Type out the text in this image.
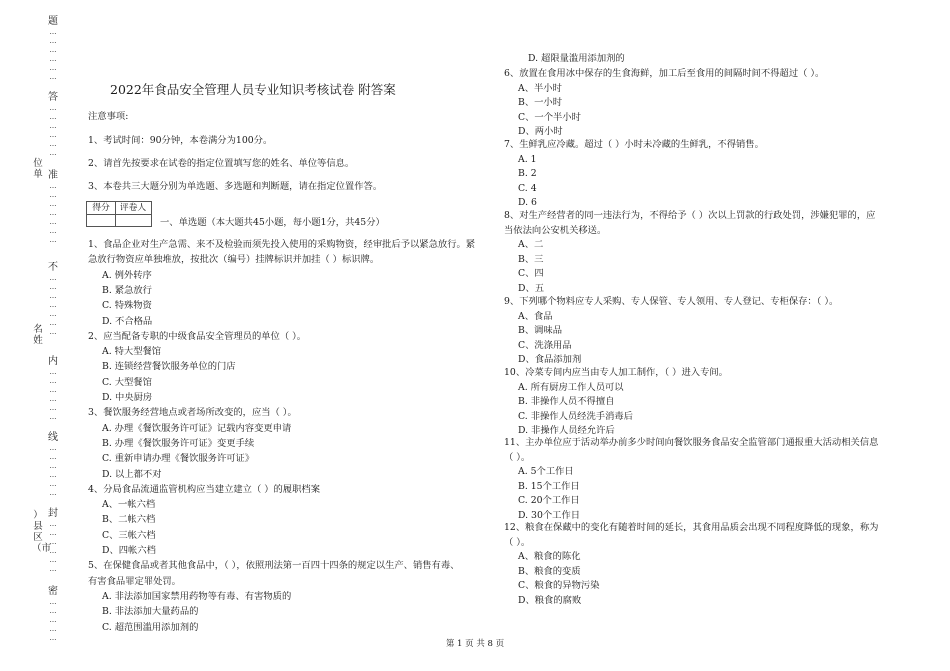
题
…
…
…
…
…
…
答
…
…
…
…
…
…
准
…
…
…
…
…
…
…
不
…
…
…
…
…
…
…
内
…
…
…
…
…
…
线
…
…
…
…
…
…
封
…
…
…
…
…
…
密
…
…
…
…
…
位单
名姓
）县区（市
2022年食品安全管理人员专业知识考核试卷 附答案
注意事项:
1、考试时间：90分钟，本卷满分为100分。
2、请首先按要求在试卷的指定位置填写您的姓名、单位等信息。
3、本卷共三大题分别为单选题、多选题和判断题，请在指定位置作答。
得分	评卷人
一、单选题（本大题共45小题，每小题1分，共45分）
1、食品企业对生产急需、来不及检验而须先投入使用的采购物资，经审批后予以紧急放行。紧
急放行物资应单独堆放，按批次（编号）挂牌标识并加挂（ ）标识牌。
A. 例外转序
B. 紧急放行
C. 特殊物资
D. 不合格品
2、应当配备专职的中级食品安全管理员的单位（ ）。
A. 特大型餐馆
B. 连锁经营餐饮服务单位的门店
C. 大型餐馆
D. 中央厨房
3、餐饮服务经营地点或者场所改变的，应当（ ）。
A. 办理《餐饮服务许可证》记载内容变更申请
B. 办理《餐饮服务许可证》变更手续
C. 重新申请办理《餐饮服务许可证》
D. 以上都不对
4、分局食品流通监管机构应当建立建立（ ）的履职档案
A、一帐六档
B、二帐六档
C、三帐六档
D、四帐六档
5、在保健食品或者其他食品中，（ ），依照刑法第一百四十四条的规定以生产、销售有毒、
有害食品罪定罪处罚。
A. 非法添加国家禁用药物等有毒、有害物质的
B. 非法添加大量药品的
C. 超范围滥用添加剂的
D. 超限量滥用添加剂的
6、放置在食用冰中保存的生食海鲜，加工后至食用的间隔时间不得超过（ ）。
A、半小时
B、一小时
C、一个半小时
D、两小时
7、生鲜乳应冷藏。超过（ ）小时未冷藏的生鲜乳，不得销售。
A. 1
B. 2
C. 4
D. 6
8、对生产经营者的同一违法行为，不得给予（ ）次以上罚款的行政处罚，涉嫌犯罪的，应
当依法向公安机关移送。
A、二
B、三
C、四
D、五
9、下列哪个物料应专人采购、专人保管、专人领用、专人登记、专柜保存：（ ）。
A、食品
B、调味品
C、洗涤用品
D、食品添加剂
10、冷菜专间内应当由专人加工制作，（ ）进入专间。
A. 所有厨房工作人员可以
B. 非操作人员不得擅自
C. 非操作人员经洗手消毒后
D. 非操作人员经允许后
11、主办单位应于活动举办前多少时间向餐饮服务食品安全监管部门通报重大活动相关信息
（ ）。
A. 5个工作日
B. 15个工作日
C. 20个工作日
D. 30个工作日
12、粮食在保藏中的变化有随着时间的延长，其食用品质会出现不同程度降低的现象，称为
（ ）。
A、粮食的陈化
B、粮食的变质
C、粮食的异物污染
D、粮食的腐败
第 1 页 共 8 页
